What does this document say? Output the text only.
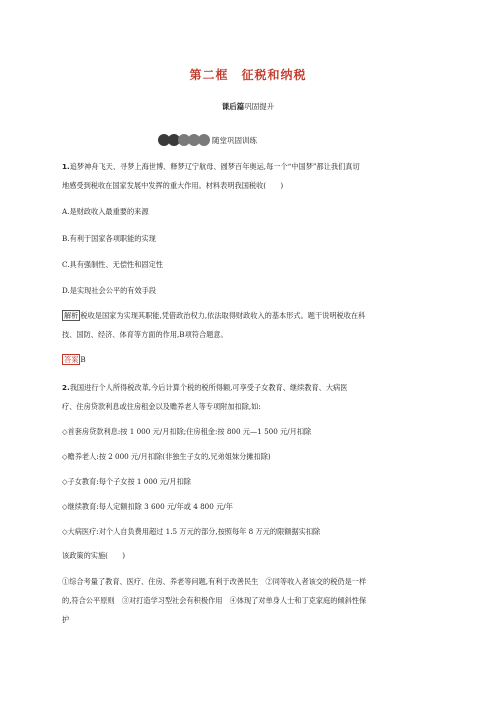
第二框　征税和纳税
课后篇巩固提升
随堂巩固训练
1.追梦神舟飞天、寻梦上海世博、释梦辽宁航母、圆梦百年奥运,每一个“中国梦”都让我们真切
地感受到税收在国家发展中发挥的重大作用。材料表明我国税收(　　)
A.是财政收入最重要的来源
B.有利于国家各项职能的实现
C.具有强制性、无偿性和固定性
D.是实现社会公平的有效手段
解析 税收是国家为实现其职能,凭借政治权力,依法取得财政收入的基本形式。题干说明税收在科
技、国防、经济、体育等方面的作用,B项符合题意。
答案 B
2.我国进行个人所得税改革,今后计算个税的税所得额,可享受子女教育、继续教育、大病医
疗、住房贷款利息或住房租金以及赡养老人等专项附加扣除,如:
◇首套房贷款利息:按 1 000 元/月扣除;住房租金:按 800 元—1 500 元/月扣除
◇赡养老人:按 2 000 元/月扣除(非独生子女的,兄弟姐妹分摊扣除)
◇子女教育:每个子女按 1 000 元/月扣除
◇继续教育:每人定额扣除 3 600 元/年或 4 800 元/年
◇大病医疗:对个人自负费用超过 1.5 万元的部分,按照每年 8 万元的限额据实扣除
该政策的实施(　　)
①综合考量了教育、医疗、住房、养老等问题,有利于改善民生　②同等收入者该交的税仍是一样
的,符合公平原则　③对打造学习型社会有积极作用　④体现了对单身人士和丁克家庭的倾斜性保
护
